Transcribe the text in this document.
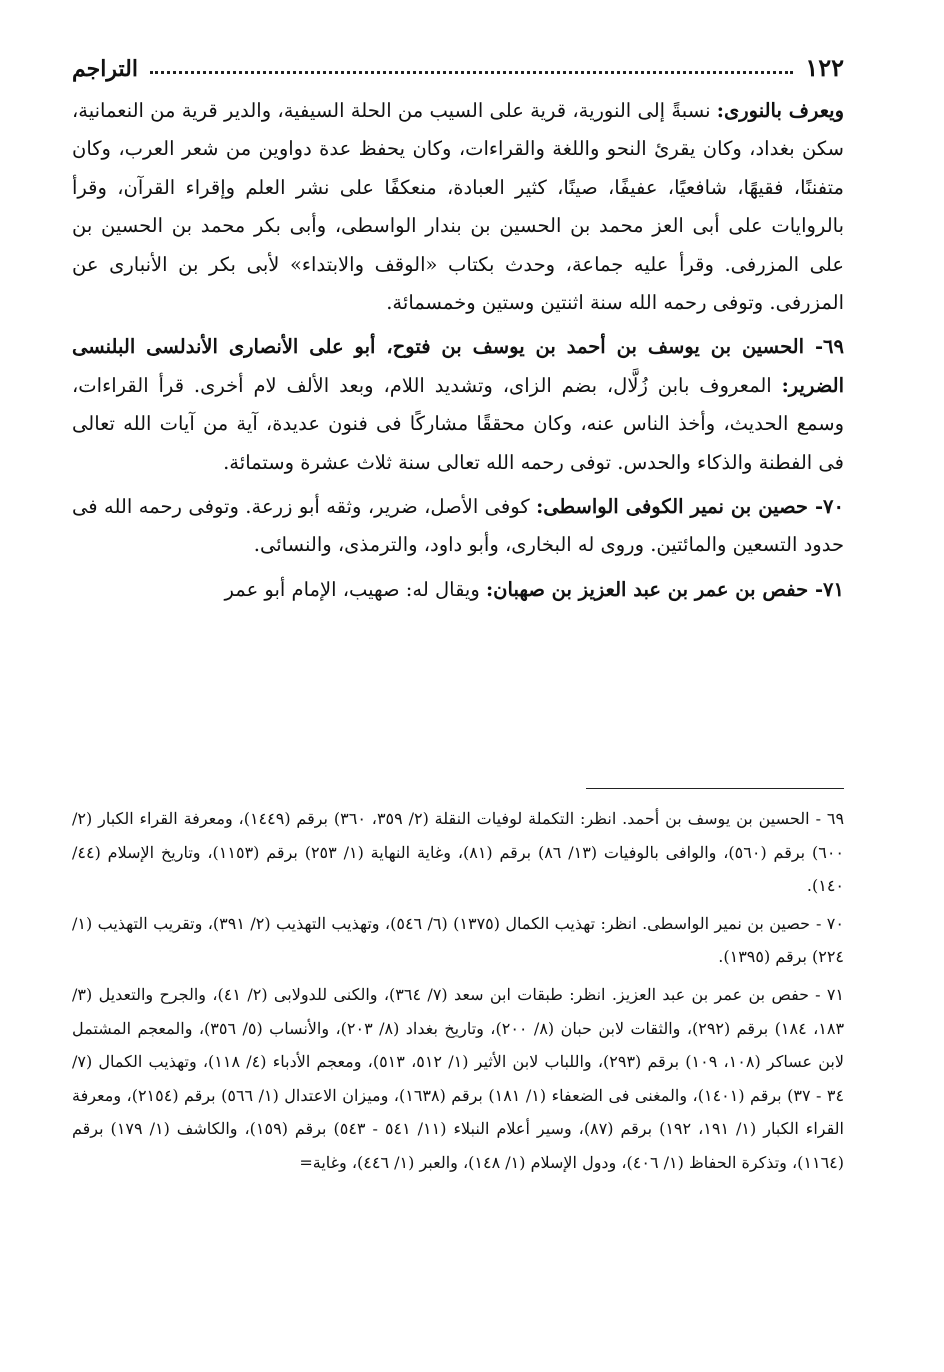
١٢٢
التراجم

ويعرف بالنورى: نسبةً إلى النورية، قرية على السيب من الحلة السيفية، والدير قرية من النعمانية، سكن بغداد، وكان يقرئ النحو واللغة والقراءات، وكان يحفظ عدة دواوين من شعر العرب، وكان متفننًا، فقيهًا، شافعيًا، عفيفًا، صينًا، كثير العبادة، منعكفًا على نشر العلم وإقراء القرآن، وقرأ بالروايات على أبى العز محمد بن الحسين بن بندار الواسطى، وأبى بكر محمد بن الحسين بن على المزرفى. وقرأ عليه جماعة، وحدث بكتاب «الوقف والابتداء» لأبى بكر بن الأنبارى عن المزرفى. وتوفى رحمه الله سنة اثنتين وستين وخمسمائة.

٦٩- الحسين بن يوسف بن أحمد بن يوسف بن فتوح، أبو على الأنصارى الأندلسى البلنسى الضرير: المعروف بابن زُلَّال، بضم الزاى، وتشديد اللام، وبعد الألف لام أخرى. قرأ القراءات، وسمع الحديث، وأخذ الناس عنه، وكان محققًا مشاركًا فى فنون عديدة، آية من آيات الله تعالى فى الفطنة والذكاء والحدس. توفى رحمه الله تعالى سنة ثلاث عشرة وستمائة.

٧٠- حصين بن نمير الكوفى الواسطى: كوفى الأصل، ضرير، وثقه أبو زرعة. وتوفى رحمه الله فى حدود التسعين والمائتين. وروى له البخارى، وأبو داود، والترمذى، والنسائى.

٧١- حفص بن عمر بن عبد العزيز بن صهبان: ويقال له: صهيب، الإمام أبو عمر

٦٩ -الحسين بن يوسف بن أحمد. انظر: التكملة لوفيات النقلة (٢/ ٣٥٩، ٣٦٠) برقم (١٤٤٩)، ومعرفة القراء الكبار (٢/ ٦٠٠) برقم (٥٦٠)، والوافى بالوفيات (١٣/ ٨٦) برقم (٨١)، وغاية النهاية (١/ ٢٥٣) برقم (١١٥٣)، وتاريخ الإسلام (٤٤/ ١٤٠).

٧٠ -حصين بن نمير الواسطى. انظر: تهذيب الكمال (١٣٧٥) (٦/ ٥٤٦)، وتهذيب التهذيب (٢/ ٣٩١)، وتقريب التهذيب (١/ ٢٢٤) برقم (١٣٩٥).

٧١ -حفص بن عمر بن عبد العزيز. انظر: طبقات ابن سعد (٧/ ٣٦٤)، والكنى للدولابى (٢/ ٤١)، والجرح والتعديل (٣/ ١٨٣، ١٨٤) برقم (٢٩٢)، والثقات لابن حبان (٨/ ٢٠٠)، وتاريخ بغداد (٨/ ٢٠٣)، والأنساب (٥/ ٣٥٦)، والمعجم المشتمل لابن عساكر (١٠٨، ١٠٩) برقم (٢٩٣)، واللباب لابن الأثير (١/ ٥١٢، ٥١٣)، ومعجم الأدباء (٤/ ١١٨)، وتهذيب الكمال (٧/ ٣٤ - ٣٧) برقم (١٤٠١)، والمغنى فى الضعفاء (١/ ١٨١) برقم (١٦٣٨)، وميزان الاعتدال (١/ ٥٦٦) برقم (٢١٥٤)، ومعرفة القراء الكبار (١/ ١٩١، ١٩٢) برقم (٨٧)، وسير أعلام النبلاء (١١/ ٥٤١ - ٥٤٣) برقم (١٥٩)، والكاشف (١/ ١٧٩) برقم (١١٦٤)، وتذكرة الحفاظ (١/ ٤٠٦)، ودول الإسلام (١/ ١٤٨)، والعبر (١/ ٤٤٦)، وغاية=
